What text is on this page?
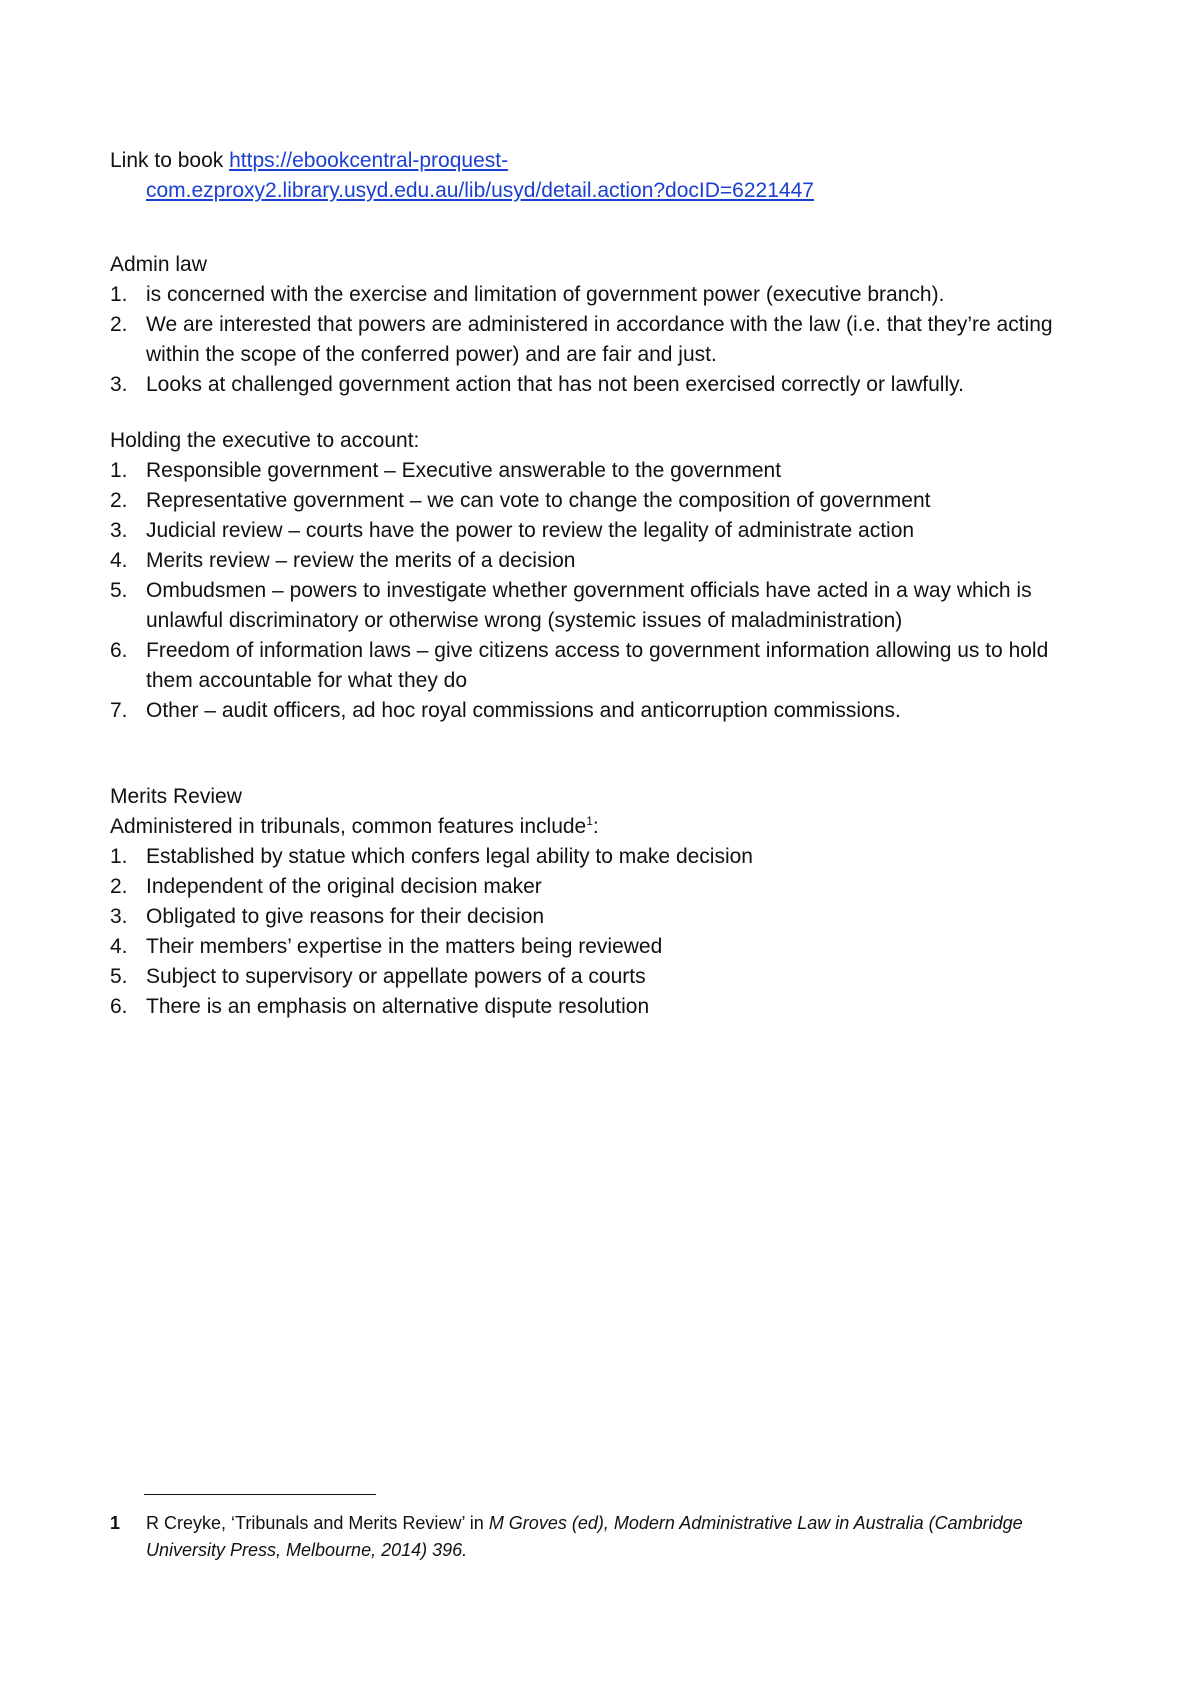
Link to book https://ebookcentral-proquest-
com.ezproxy2.library.usyd.edu.au/lib/usyd/detail.action?docID=6221447

Admin law
1. is concerned with the exercise and limitation of government power (executive branch).
2. We are interested that powers are administered in accordance with the law (i.e. that they’re acting within the scope of the conferred power) and are fair and just.
3. Looks at challenged government action that has not been exercised correctly or lawfully.
Holding the executive to account:
1. Responsible government – Executive answerable to the government
2. Representative government – we can vote to change the composition of government
3. Judicial review – courts have the power to review the legality of administrate action
4. Merits review – review the merits of a decision
5. Ombudsmen – powers to investigate whether government officials have acted in a way which is unlawful discriminatory or otherwise wrong (systemic issues of maladministration)
6. Freedom of information laws – give citizens access to government information allowing us to hold them accountable for what they do
7. Other – audit officers, ad hoc royal commissions and anticorruption commissions.
Merits Review

Administered in tribunals, common features include$^1$:

1. Established by statue which confers legal ability to make decision
2. Independent of the original decision maker
3. Obligated to give reasons for their decision
4. Their members’ expertise in the matters being reviewed
5. Subject to supervisory or appellate powers of a courts
6. There is an emphasis on alternative dispute resolution
1	R Creyke, ‘Tribunals and Merits Review’ in M Groves (ed), Modern Administrative Law in Australia (Cambridge University Press, Melbourne, 2014) 396.
